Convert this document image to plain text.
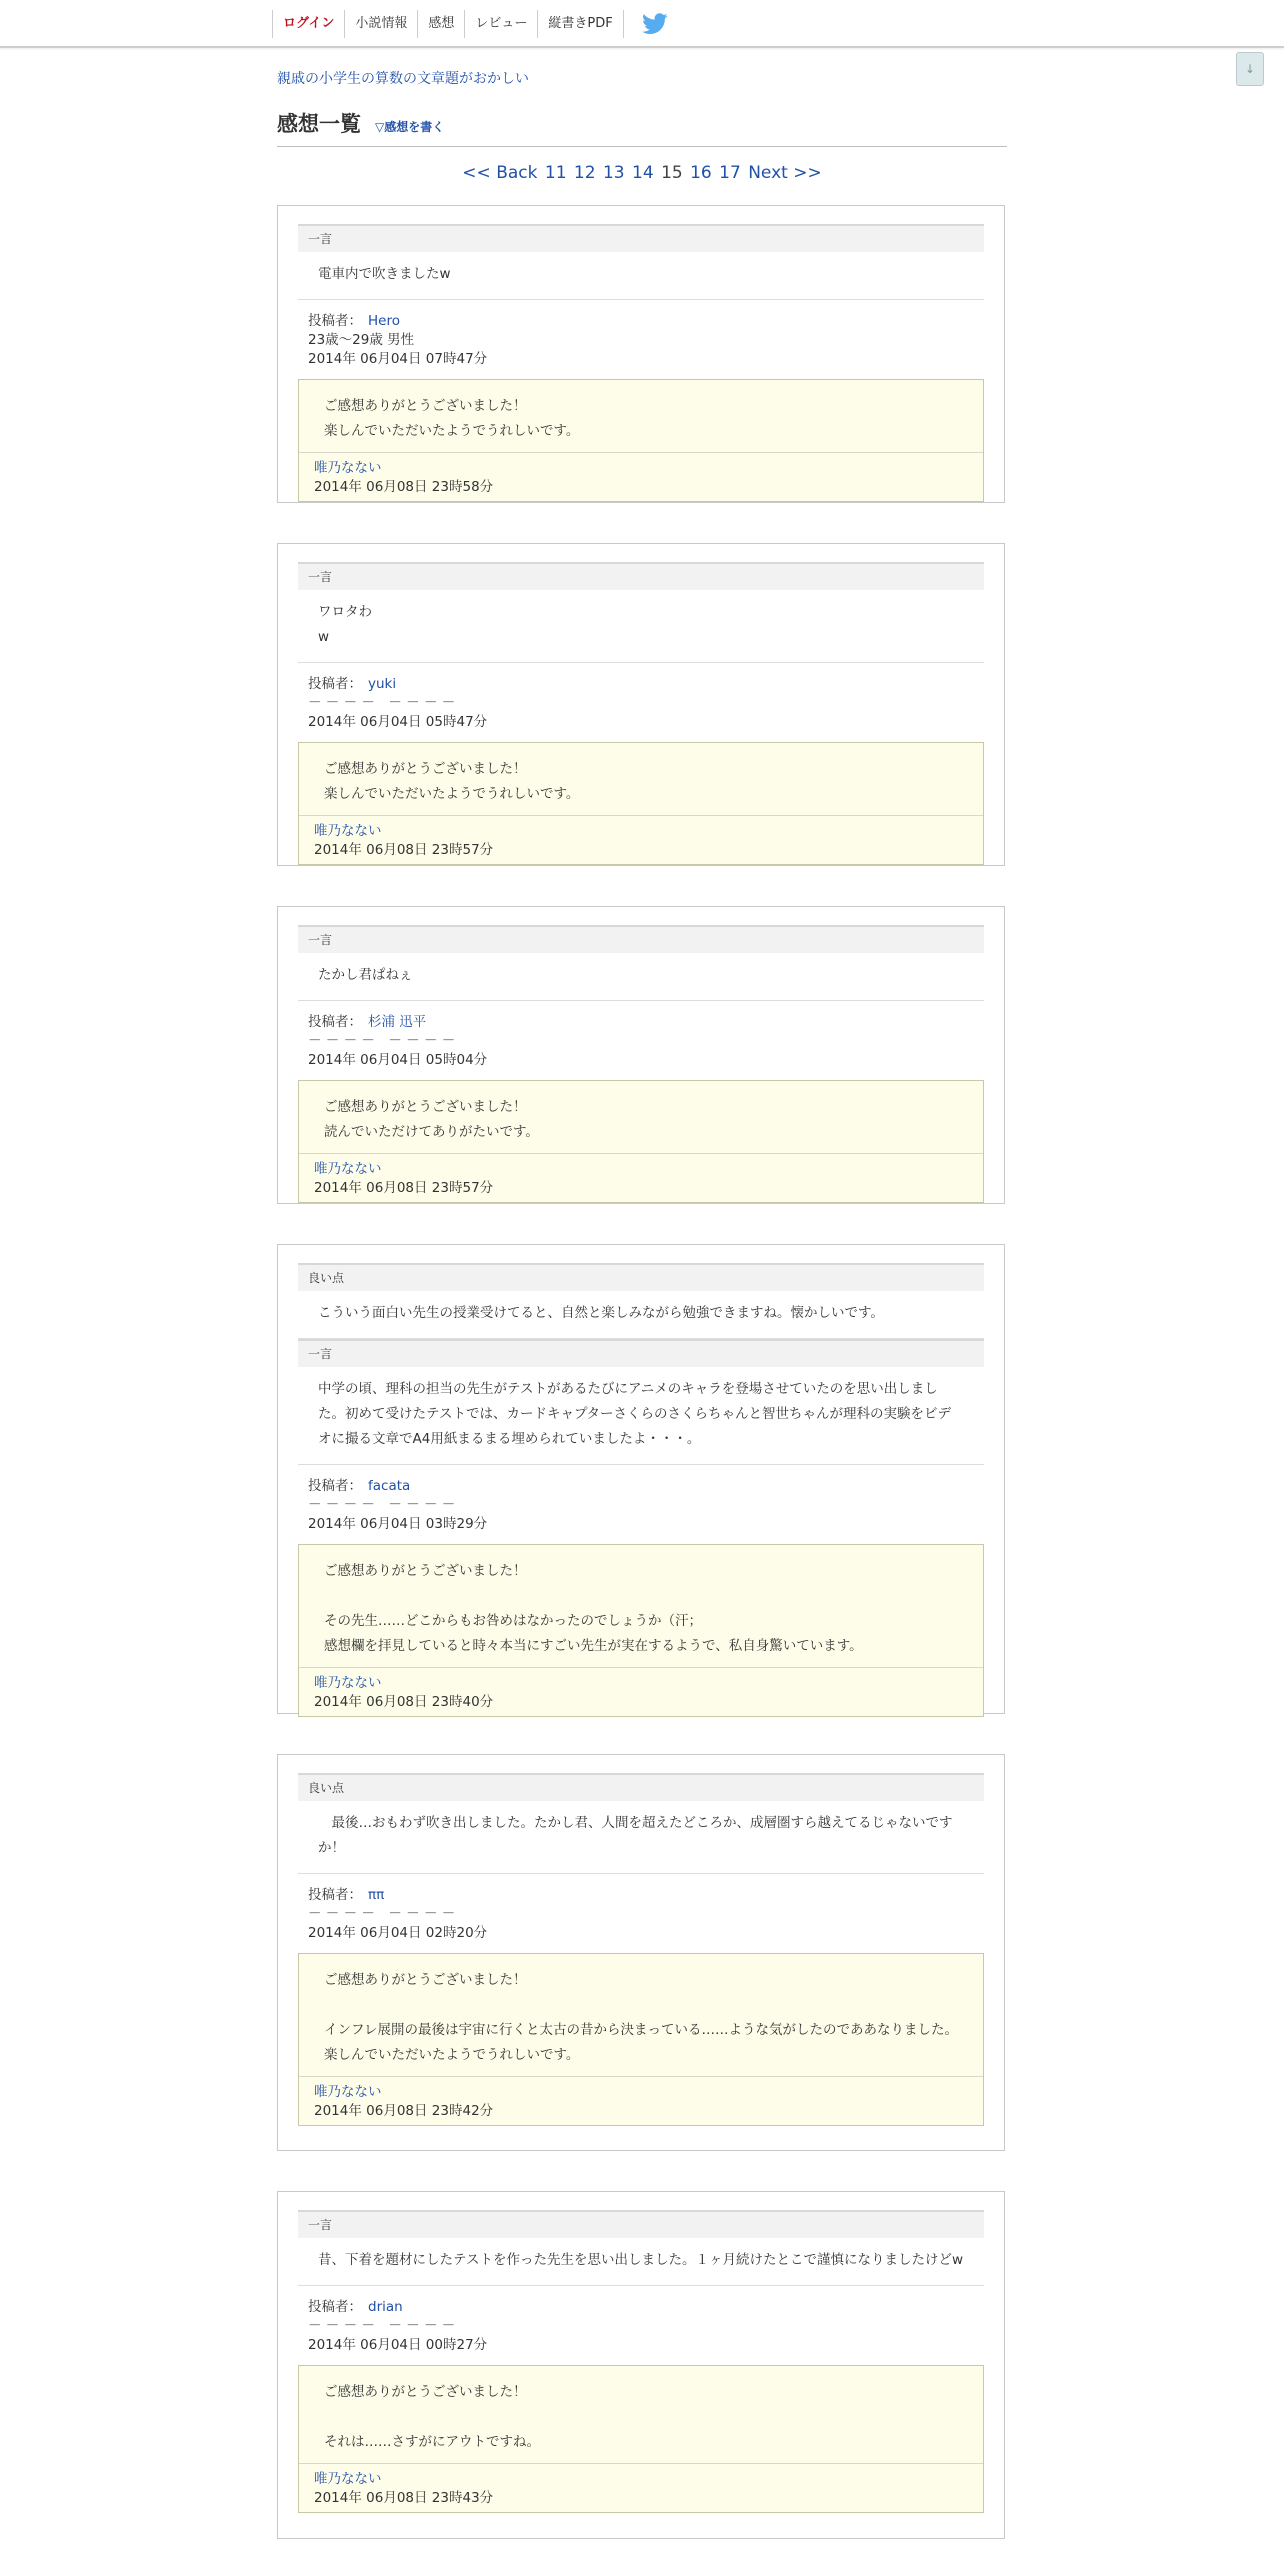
ログイン	小説情報	感想	レビュー	縦書きPDF
↓
親戚の小学生の算数の文章題がおかしい
感想一覧 ▽感想を書く
<< Back 11 12 13 14 15 16 17 Next >>
一言
電車内で吹きましたw
投稿者： Hero
23歳～29歳 男性
2014年 06月04日 07時47分
ご感想ありがとうございました！
楽しんでいただいたようでうれしいです。
唯乃なない
2014年 06月08日 23時58分
一言
ワロタわ
w
投稿者： yuki
－ － － －　－ － － －
2014年 06月04日 05時47分
ご感想ありがとうございました！
楽しんでいただいたようでうれしいです。
唯乃なない
2014年 06月08日 23時57分
一言
たかし君ぱねぇ
投稿者： 杉浦 迅平
－ － － －　－ － － －
2014年 06月04日 05時04分
ご感想ありがとうございました！
読んでいただけてありがたいです。
唯乃なない
2014年 06月08日 23時57分
良い点
こういう面白い先生の授業受けてると、自然と楽しみながら勉強できますね。懐かしいです。
一言
中学の頃、理科の担当の先生がテストがあるたびにアニメのキャラを登場させていたのを思い出しました。初めて受けたテストでは、カードキャプターさくらのさくらちゃんと智世ちゃんが理科の実験をビデオに撮る文章でA4用紙まるまる埋められていましたよ・・・。
投稿者： facata
－ － － －　－ － － －
2014年 06月04日 03時29分
ご感想ありがとうございました！

その先生……どこからもお咎めはなかったのでしょうか（汗；
感想欄を拝見していると時々本当にすごい先生が実在するようで、私自身驚いています。
唯乃なない
2014年 06月08日 23時40分
良い点
　最後…おもわず吹き出しました。たかし君、人間を超えたどころか、成層圏すら越えてるじゃないですか！
投稿者： ππ
－ － － －　－ － － －
2014年 06月04日 02時20分
ご感想ありがとうございました！

インフレ展開の最後は宇宙に行くと太古の昔から決まっている……ような気がしたのでああなりました。
楽しんでいただいたようでうれしいです。
唯乃なない
2014年 06月08日 23時42分
一言
昔、下着を題材にしたテストを作った先生を思い出しました。１ヶ月続けたとこで謹慎になりましたけどw
投稿者： drian
－ － － －　－ － － －
2014年 06月04日 00時27分
ご感想ありがとうございました！

それは……さすがにアウトですね。
唯乃なない
2014年 06月08日 23時43分
